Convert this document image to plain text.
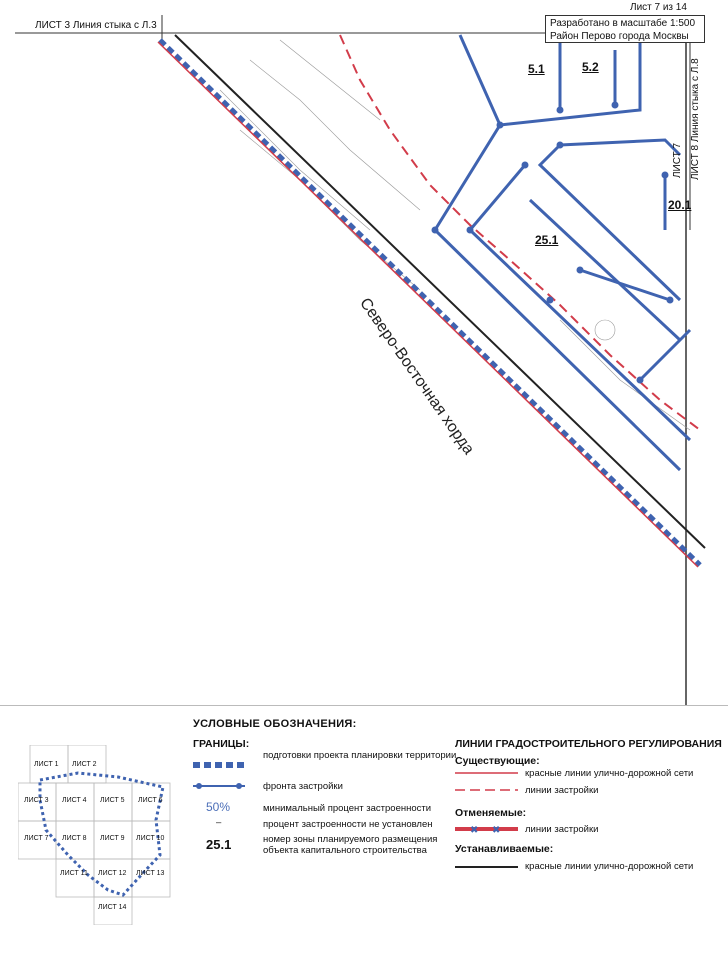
Лист 7 из 14
ЛИСТ 3 Линия стыка с Л.3	Разработано в масштабе 1:500
Район Перово города Москвы
ЛИСТ 8 Линия стыка с Л.8
ЛИСТ 7
5.1	5.2
25.1
20.1
Северо-Восточная хорда
УСЛОВНЫЕ ОБОЗНАЧЕНИЯ:
ГРАНИЦЫ:
✖ ✖
подготовки проекта планировки территории
фронта застройки
50%	минимальный процент застроенности
–	процент застроенности не установлен
25.1	номер зоны планируемого размещения
объекта капитального строительства
ЛИНИИ ГРАДОСТРОИТЕЛЬНОГО РЕГУЛИРОВАНИЯ
Существующие:
красные линии улично-дорожной сети
линии застройки
Отменяемые:
линии застройки
Устанавливаемые:
красные линии улично-дорожной сети
ЛИСТ 1 ЛИСТ 2
ЛИСТ 3 ЛИСТ 4 ЛИСТ 5 ЛИСТ 6
ЛИСТ 7 ЛИСТ 8 ЛИСТ 9 ЛИСТ 10
ЛИСТ 11 ЛИСТ 12 ЛИСТ 13
ЛИСТ 14
